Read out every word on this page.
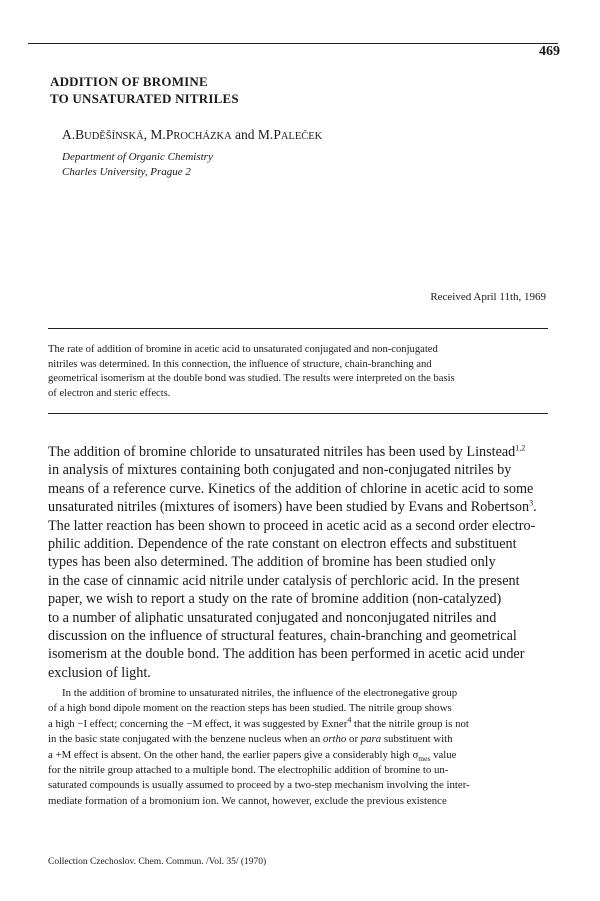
469
ADDITION OF BROMINE
TO UNSATURATED NITRILES
A.BUDĚŠÍNSKÁ, M.PROCHÁZKA and M.PALEČEK
Department of Organic Chemistry
Charles University, Prague 2
Received April 11th, 1969
The rate of addition of bromine in acetic acid to unsaturated conjugated and non-conjugated
nitriles was determined. In this connection, the influence of structure, chain-branching and
geometrical isomerism at the double bond was studied. The results were interpreted on the basis
of electron and steric effects.
The addition of bromine chloride to unsaturated nitriles has been used by Linstead$^{1,2}$
in analysis of mixtures containing both conjugated and non-conjugated nitriles by
means of a reference curve. Kinetics of the addition of chlorine in acetic acid to some
unsaturated nitriles (mixtures of isomers) have been studied by Evans and Robertson$^3$.
The latter reaction has been shown to proceed in acetic acid as a second order electro-
philic addition. Dependence of the rate constant on electron effects and substituent
types has been also determined. The addition of bromine has been studied only
in the case of cinnamic acid nitrile under catalysis of perchloric acid. In the present
paper, we wish to report a study on the rate of bromine addition (non-catalyzed)
to a number of aliphatic unsaturated conjugated and nonconjugated nitriles and
discussion on the influence of structural features, chain-branching and geometrical
isomerism at the double bond. The addition has been performed in acetic acid under
exclusion of light.
In the addition of bromine to unsaturated nitriles, the influence of the electronegative group
of a high bond dipole moment on the reaction steps has been studied. The nitrile group shows
a high −I effect; concerning the −M effect, it was suggested by Exner$^4$ that the nitrile group is not
in the basic state conjugated with the benzene nucleus when an ortho or para substituent with
a +M effect is absent. On the other hand, the earlier papers give a considerably high $\sigma_{mes}$ value
for the nitrile group attached to a multiple bond. The electrophilic addition of bromine to un-
saturated compounds is usually assumed to proceed by a two-step mechanism involving the inter-
mediate formation of a bromonium ion. We cannot, however, exclude the previous existence
Collection Czechoslov. Chem. Commun. /Vol. 35/ (1970)
